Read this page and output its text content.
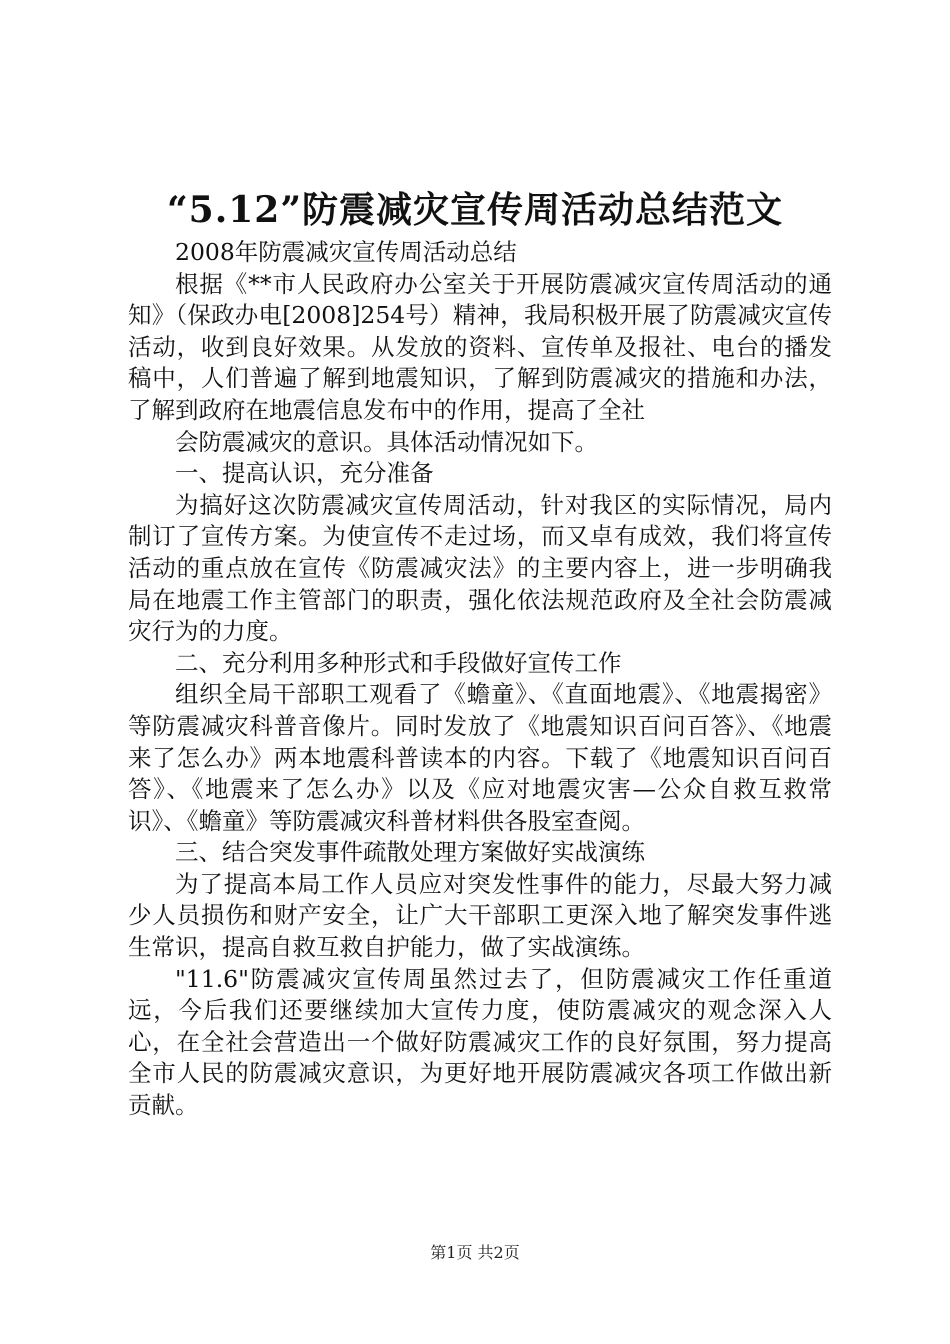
“5.12”防震减灾宣传周活动总结范文

2008年防震减灾宣传周活动总结

根据《**市人民政府办公室关于开展防震减灾宣传周活动的通知》（保政办电[2008]254号）精神，我局积极开展了防震减灾宣传活动，收到良好效果。从发放的资料、宣传单及报社、电台的播发稿中，人们普遍了解到地震知识，了解到防震减灾的措施和办法，了解到政府在地震信息发布中的作用，提高了全社

会防震减灾的意识。具体活动情况如下。

一、提高认识，充分准备

为搞好这次防震减灾宣传周活动，针对我区的实际情况，局内制订了宣传方案。为使宣传不走过场，而又卓有成效，我们将宣传活动的重点放在宣传《防震减灾法》的主要内容上，进一步明确我局在地震工作主管部门的职责，强化依法规范政府及全社会防震减灾行为的力度。

二、充分利用多种形式和手段做好宣传工作

组织全局干部职工观看了《蟾童》、《直面地震》、《地震揭密》等防震减灾科普音像片。同时发放了《地震知识百问百答》、《地震来了怎么办》两本地震科普读本的内容。下载了《地震知识百问百答》、《地震来了怎么办》以及《应对地震灾害—公众自救互救常识》、《蟾童》等防震减灾科普材料供各股室查阅。

三、结合突发事件疏散处理方案做好实战演练

为了提高本局工作人员应对突发性事件的能力，尽最大努力减少人员损伤和财产安全，让广大干部职工更深入地了解突发事件逃生常识，提高自救互救自护能力，做了实战演练。

"11.6"防震减灾宣传周虽然过去了，但防震减灾工作任重道远，今后我们还要继续加大宣传力度，使防震减灾的观念深入人心，在全社会营造出一个做好防震减灾工作的良好氛围，努力提高全市人民的防震减灾意识，为更好地开展防震减灾各项工作做出新贡献。

第1页 共2页
